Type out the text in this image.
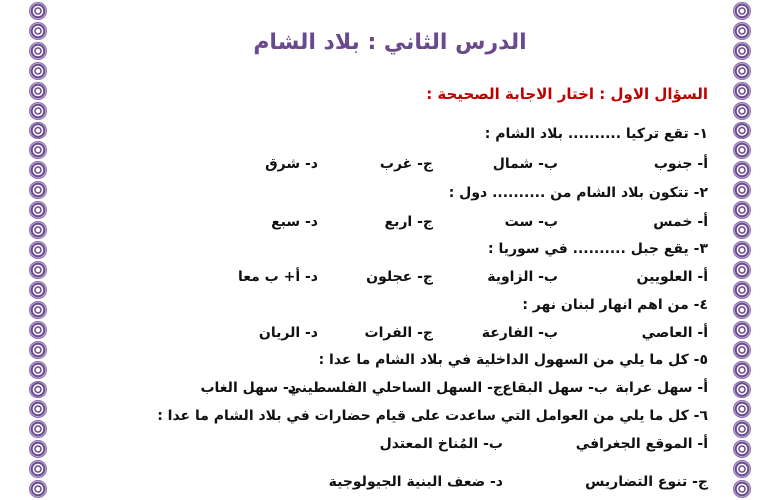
الدرس الثاني : بلاد الشام
السؤال الاول : اختار الاجابة الصحيحة :
١- تقع تركيا .......... بلاد الشام :
أ- جنوب
ب- شمال
ج- غرب
د- شرق
٢- تتكون بلاد الشام من .......... دول :
أ- خمس
ب- ست
ج- اربع
د- سبع
٣- يقع جبل .......... في سوريا :
أ- العلويين
ب- الزاوية
ج- عجلون
د- أ+ ب معا
٤- من اهم انهار لبنان نهر :
أ- العاصي
ب- الفارعة
ج- الفرات
د- الريان
٥- كل ما يلي من السهول الداخلية في بلاد الشام ما عدا :
أ- سهل عرابة
ب- سهل البقاع
ج- السهل الساحلي الفلسطيني
د- سهل الغاب
٦- كل ما يلي من العوامل التي ساعدت على قيام حضارات في بلاد الشام ما عدا :
أ- الموقع الجغرافي
ب- المُناخ المعتدل
ج- تنوع التضاريس
د- ضعف البنية الجيولوجية
